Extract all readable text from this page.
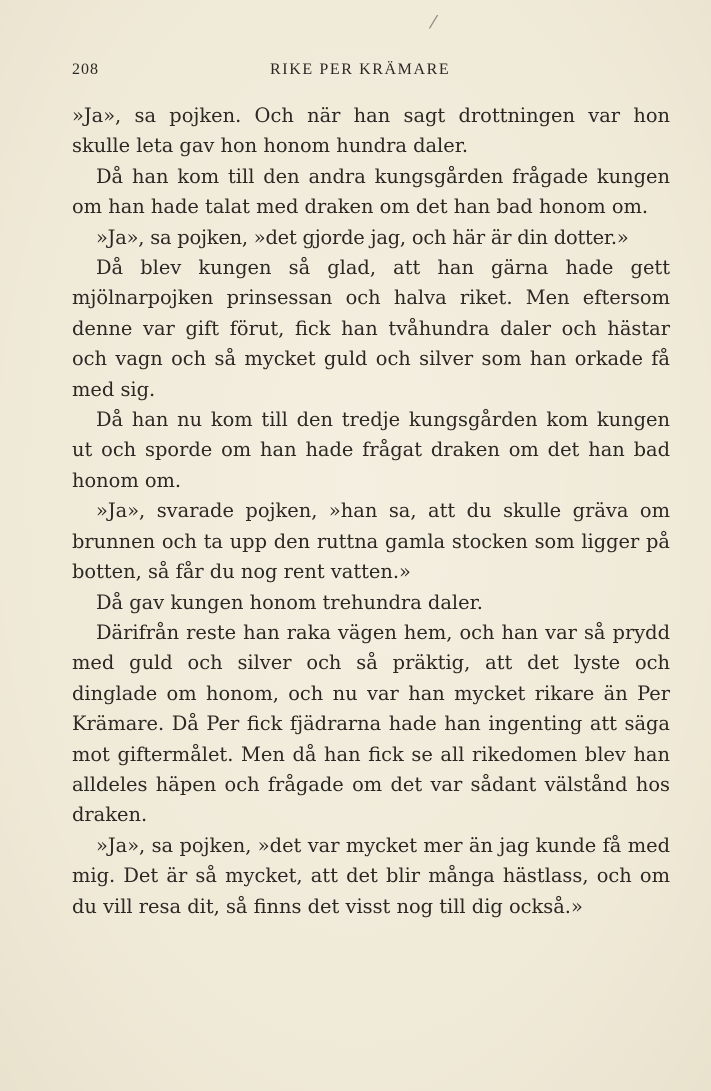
⁄
208	RIKE PER KRÄMARE

»Ja», sa pojken. Och när han sagt drottningen var hon skulle leta gav hon honom hundra daler.

Då han kom till den andra kungsgården frågade kungen om han hade talat med draken om det han bad honom om.

»Ja», sa pojken, »det gjorde jag, och här är din dotter.»

Då blev kungen så glad, att han gärna hade gett mjölnarpojken prinsessan och halva riket. Men eftersom denne var gift förut, fick han tvåhundra daler och hästar och vagn och så mycket guld och silver som han orkade få med sig.

Då han nu kom till den tredje kungsgården kom kungen ut och sporde om han hade frågat draken om det han bad honom om.

»Ja», svarade pojken, »han sa, att du skulle gräva om brunnen och ta upp den ruttna gamla stocken som ligger på botten, så får du nog rent vatten.»

Då gav kungen honom trehundra daler.

Därifrån reste han raka vägen hem, och han var så prydd med guld och silver och så präktig, att det lyste och dinglade om honom, och nu var han mycket rikare än Per Krämare. Då Per fick fjädrarna hade han ingenting att säga mot giftermålet. Men då han fick se all rikedomen blev han alldeles häpen och frågade om det var sådant välstånd hos draken.

»Ja», sa pojken, »det var mycket mer än jag kunde få med mig. Det är så mycket, att det blir många hästlass, och om du vill resa dit, så finns det visst nog till dig också.»
